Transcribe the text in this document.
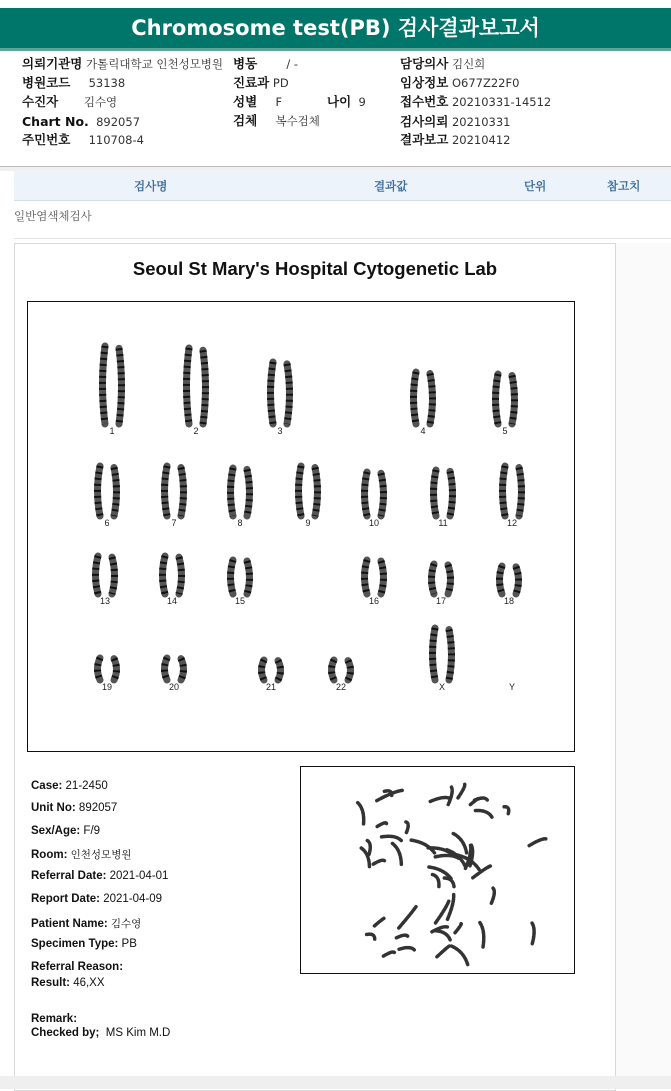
Chromosome test(PB) 검사결과보고서
의뢰기관명 가톨릭대학교 인천성모병원 병동	/ -	담당의사 김신희
병원코드 53138	진료과 PD	임상정보 O677Z22F0
수진자 김수영	성별 F	나이 9	접수번호 20210331-14512
Chart No. 892057	검체 복수검체	검사의뢰 20210331
주민번호 110708-4	결과보고 20210412
검사명	결과값	단위	참고치
일반염색체검사
Seoul St Mary's Hospital Cytogenetic Lab
1	2	3	4	5
6	7	8	9	10	11	12
13	14	15	16	17	18
19	20	21	22	X	Y
Case: 21-2450
Unit No: 892057
Sex/Age: F/9
Room: 인천성모병원
Referral Date: 2021-04-01
Report Date: 2021-04-09
Patient Name: 김수영
Specimen Type: PB
Referral Reason:
Result: 46,XX
Remark:
Checked by; MS Kim M.D
